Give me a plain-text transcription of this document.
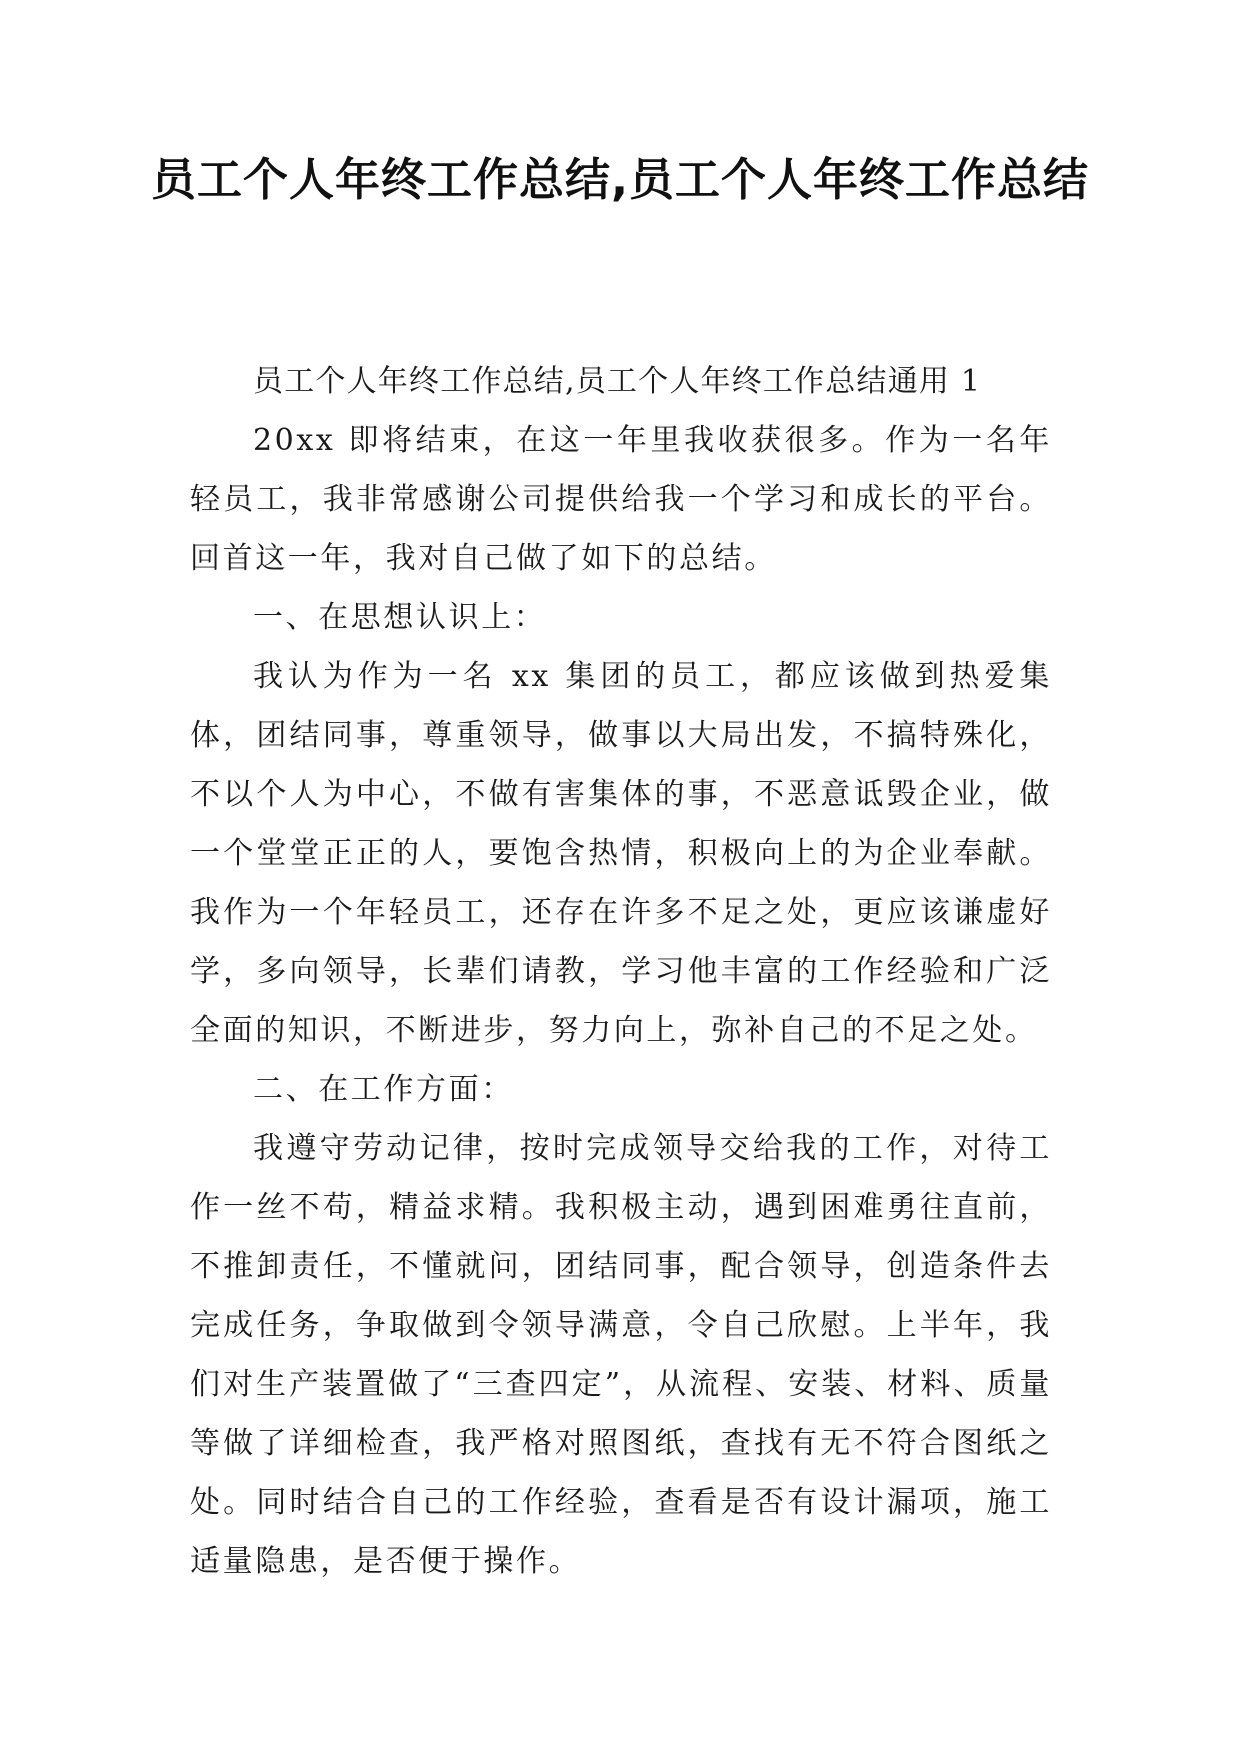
员工个人年终工作总结,员工个人年终工作总结

员工个人年终工作总结,员工个人年终工作总结通用 1

20xx 即将结束，在这一年里我收获很多。作为一名年轻员工，我非常感谢公司提供给我一个学习和成长的平台。回首这一年，我对自己做了如下的总结。

一、在思想认识上：

我认为作为一名 xx 集团的员工，都应该做到热爱集体，团结同事，尊重领导，做事以大局出发，不搞特殊化，不以个人为中心，不做有害集体的事，不恶意诋毁企业，做一个堂堂正正的人，要饱含热情，积极向上的为企业奉献。我作为一个年轻员工，还存在许多不足之处，更应该谦虚好学，多向领导，长辈们请教，学习他丰富的工作经验和广泛全面的知识，不断进步，努力向上，弥补自己的不足之处。

二、在工作方面：

我遵守劳动记律，按时完成领导交给我的工作，对待工作一丝不苟，精益求精。我积极主动，遇到困难勇往直前，不推卸责任，不懂就问，团结同事，配合领导，创造条件去完成任务，争取做到令领导满意，令自己欣慰。上半年，我们对生产装置做了“三查四定”，从流程、安装、材料、质量等做了详细检查，我严格对照图纸，查找有无不符合图纸之处。同时结合自己的工作经验，查看是否有设计漏项，施工适量隐患，是否便于操作。
